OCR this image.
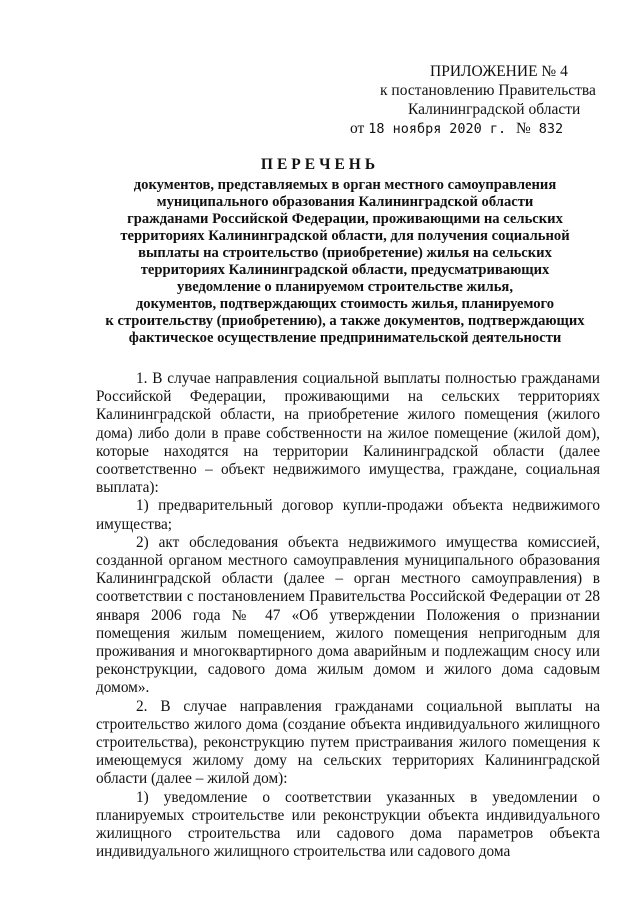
ПРИЛОЖЕНИЕ № 4
к постановлению Правительства
Калининградской области
от 18 ноября 2020 г. № 832
ПЕРЕЧЕНЬ
документов, представляемых в орган местного самоуправления
муниципального образования Калининградской области
гражданами Российской Федерации, проживающими на сельских
территориях Калининградской области, для получения социальной
выплаты на строительство (приобретение) жилья на сельских
территориях Калининградской области, предусматривающих
уведомление о планируемом строительстве жилья,
документов, подтверждающих стоимость жилья, планируемого
к строительству (приобретению), а также документов, подтверждающих
фактическое осуществление предпринимательской деятельности

1. В случае направления социальной выплаты полностью гражданами Российской Федерации, проживающими на сельских территориях Калининградской области, на приобретение жилого помещения (жилого дома) либо доли в праве собственности на жилое помещение (жилой дом), которые находятся на территории Калининградской области (далее соответственно – объект недвижимого имущества, граждане, социальная выплата):

1) предварительный договор купли-продажи объекта недвижимого имущества;

2) акт обследования объекта недвижимого имущества комиссией, созданной органом местного самоуправления муниципального образования Калининградской области (далее – орган местного самоуправления) в соответствии с постановлением Правительства Российской Федерации от 28 января 2006 года № 47 «Об утверждении Положения о признании помещения жилым помещением, жилого помещения непригодным для проживания и многоквартирного дома аварийным и подлежащим сносу или реконструкции, садового дома жилым домом и жилого дома садовым домом».

2. В случае направления гражданами социальной выплаты на строительство жилого дома (создание объекта индивидуального жилищного строительства), реконструкцию путем пристраивания жилого помещения к имеющемуся жилому дому на сельских территориях Калининградской области (далее – жилой дом):

1) уведомление о соответствии указанных в уведомлении о планируемых строительстве или реконструкции объекта индивидуального жилищного строительства или садового дома параметров объекта индивидуального жилищного строительства или садового дома
